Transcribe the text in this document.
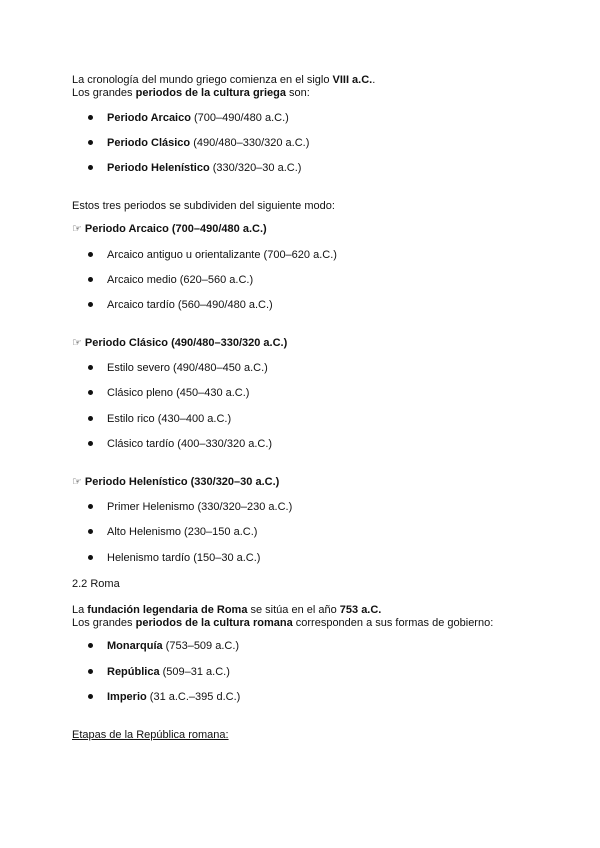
La cronología del mundo griego comienza en el siglo VIII a.C..
Los grandes periodos de la cultura griega son:
Periodo Arcaico (700–490/480 a.C.)
Periodo Clásico (490/480–330/320 a.C.)
Periodo Helenístico (330/320–30 a.C.)
Estos tres periodos se subdividen del siguiente modo:
☞ Periodo Arcaico (700–490/480 a.C.)
Arcaico antiguo u orientalizante (700–620 a.C.)
Arcaico medio (620–560 a.C.)
Arcaico tardío (560–490/480 a.C.)
☞ Periodo Clásico (490/480–330/320 a.C.)
Estilo severo (490/480–450 a.C.)
Clásico pleno (450–430 a.C.)
Estilo rico (430–400 a.C.)
Clásico tardío (400–330/320 a.C.)
☞ Periodo Helenístico (330/320–30 a.C.)
Primer Helenismo (330/320–230 a.C.)
Alto Helenismo (230–150 a.C.)
Helenismo tardío (150–30 a.C.)
2.2 Roma
La fundación legendaria de Roma se sitúa en el año 753 a.C.
Los grandes periodos de la cultura romana corresponden a sus formas de gobierno:
Monarquía (753–509 a.C.)
República (509–31 a.C.)
Imperio (31 a.C.–395 d.C.)
Etapas de la República romana:
